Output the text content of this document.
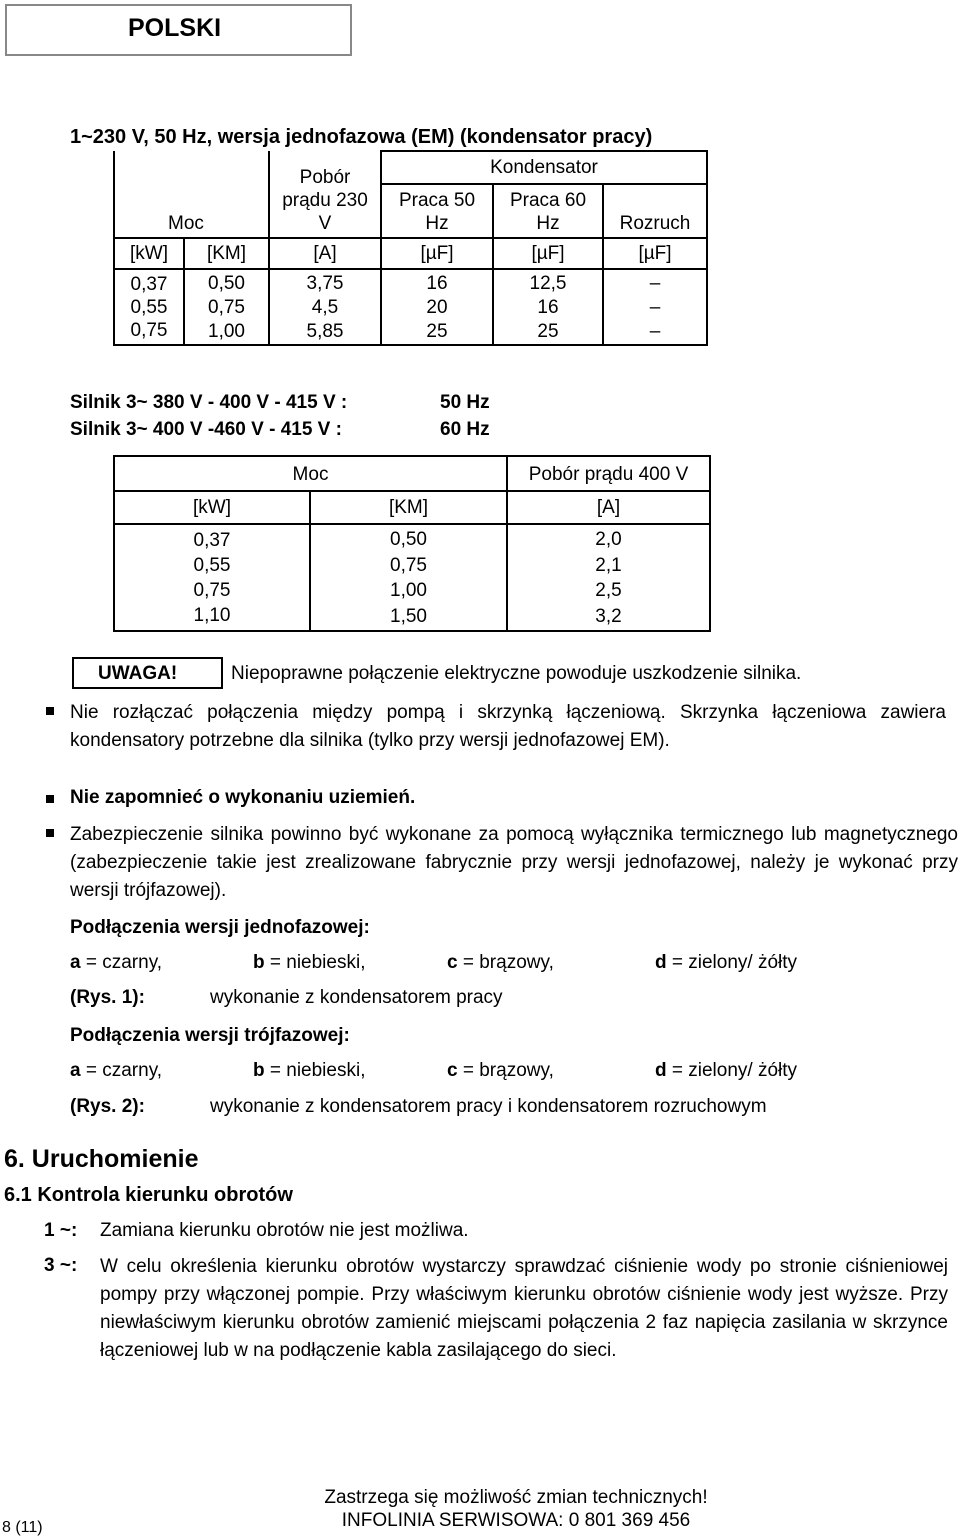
POLSKI
1~230 V, 50 Hz, wersja jednofazowa (EM) (kondensator pracy)
	Moc	Pobór prądu 230 V	Kondensator		

			Praca 50 Hz	Praca 60 Hz	Rozruch
[kW]	[KM]	[A]	[µF]	[µF]	[µF]
0,37	0,50	3,75	16	12,5	–
0,55	0,75	4,5	20	16	–
0,75	1,00	5,85	25	25	–
Silnik 3~ 380 V - 400 V - 415 V :	50 Hz
Silnik 3~ 400 V -460 V - 415 V :	60 Hz
Moc		Pobór prądu 400 V
[kW]	[KM]	[A]
0,37	0,50	2,0
0,55	0,75	2,1
0,75	1,00	2,5
1,10	1,50	3,2
UWAGA!	Niepoprawne połączenie elektryczne powoduje uszkodzenie silnika.
Nie rozłączać połączenia między pompą i skrzynką łączeniową. Skrzynka łączeniowa zawiera kondensatory potrzebne dla silnika (tylko przy wersji jednofazowej EM).
Nie zapomnieć o wykonaniu uziemień.
Zabezpieczenie silnika powinno być wykonane za pomocą wyłącznika termicznego lub magnetycznego (zabezpieczenie takie jest zrealizowane fabrycznie przy wersji jednofazowej, należy je wykonać przy wersji trójfazowej).
Podłączenia wersji jednofazowej:
a = czarny,	b = niebieski,	c = brązowy,	d = zielony/ żółty
(Rys. 1):	wykonanie z kondensatorem pracy
Podłączenia wersji trójfazowej:
a = czarny,	b = niebieski,	c = brązowy,	d = zielony/ żółty
(Rys. 2):	wykonanie z kondensatorem pracy i kondensatorem rozruchowym
6. Uruchomienie
6.1 Kontrola kierunku obrotów
1 ~: Zamiana kierunku obrotów nie jest możliwa.
3 ~: W celu określenia kierunku obrotów wystarczy sprawdzać ciśnienie wody po stronie ciśnieniowej pompy przy włączonej pompie. Przy właściwym kierunku obrotów ciśnienie wody jest wyższe. Przy niewłaściwym kierunku obrotów zamienić miejscami połączenia 2 faz napięcia zasilania w skrzynce łączeniowej lub w na podłączenie kabla zasilającego do sieci.
8 (11)
Zastrzega się możliwość zmian technicznych!
INFOLINIA SERWISOWA: 0 801 369 456
